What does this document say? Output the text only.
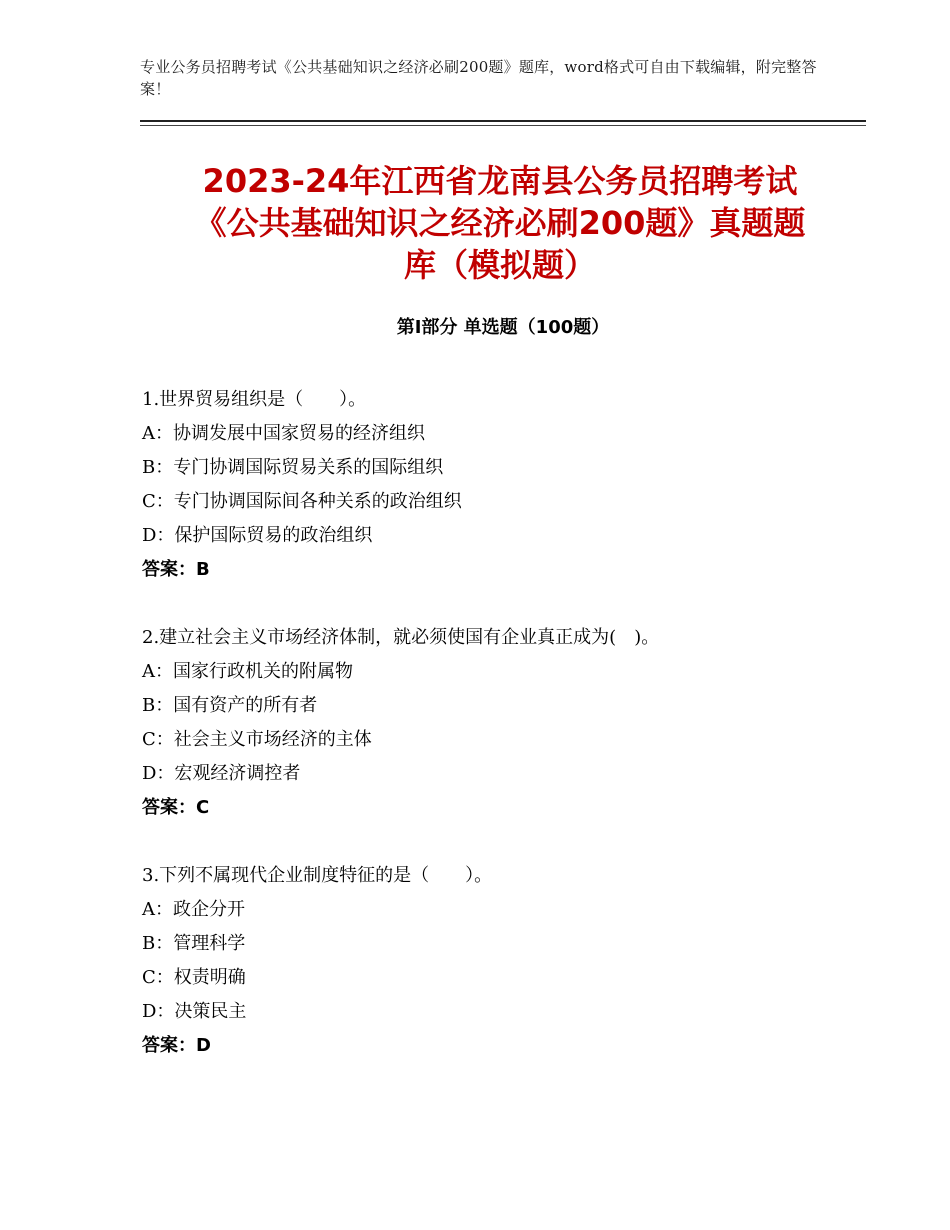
专业公务员招聘考试《公共基础知识之经济必刷200题》题库，word格式可自由下载编辑，附完整答案！
2023-24年江西省龙南县公务员招聘考试
《公共基础知识之经济必刷200题》真题题
库（模拟题）
第Ⅰ部分 单选题（100题）
1.世界贸易组织是（　　）。
A：协调发展中国家贸易的经济组织
B：专门协调国际贸易关系的国际组织
C：专门协调国际间各种关系的政治组织
D：保护国际贸易的政治组织
答案：B
2.建立社会主义市场经济体制，就必须使国有企业真正成为(　)。
A：国家行政机关的附属物
B：国有资产的所有者
C：社会主义市场经济的主体
D：宏观经济调控者
答案：C
3.下列不属现代企业制度特征的是（　　）。
A：政企分开
B：管理科学
C：权责明确
D：决策民主
答案：D
